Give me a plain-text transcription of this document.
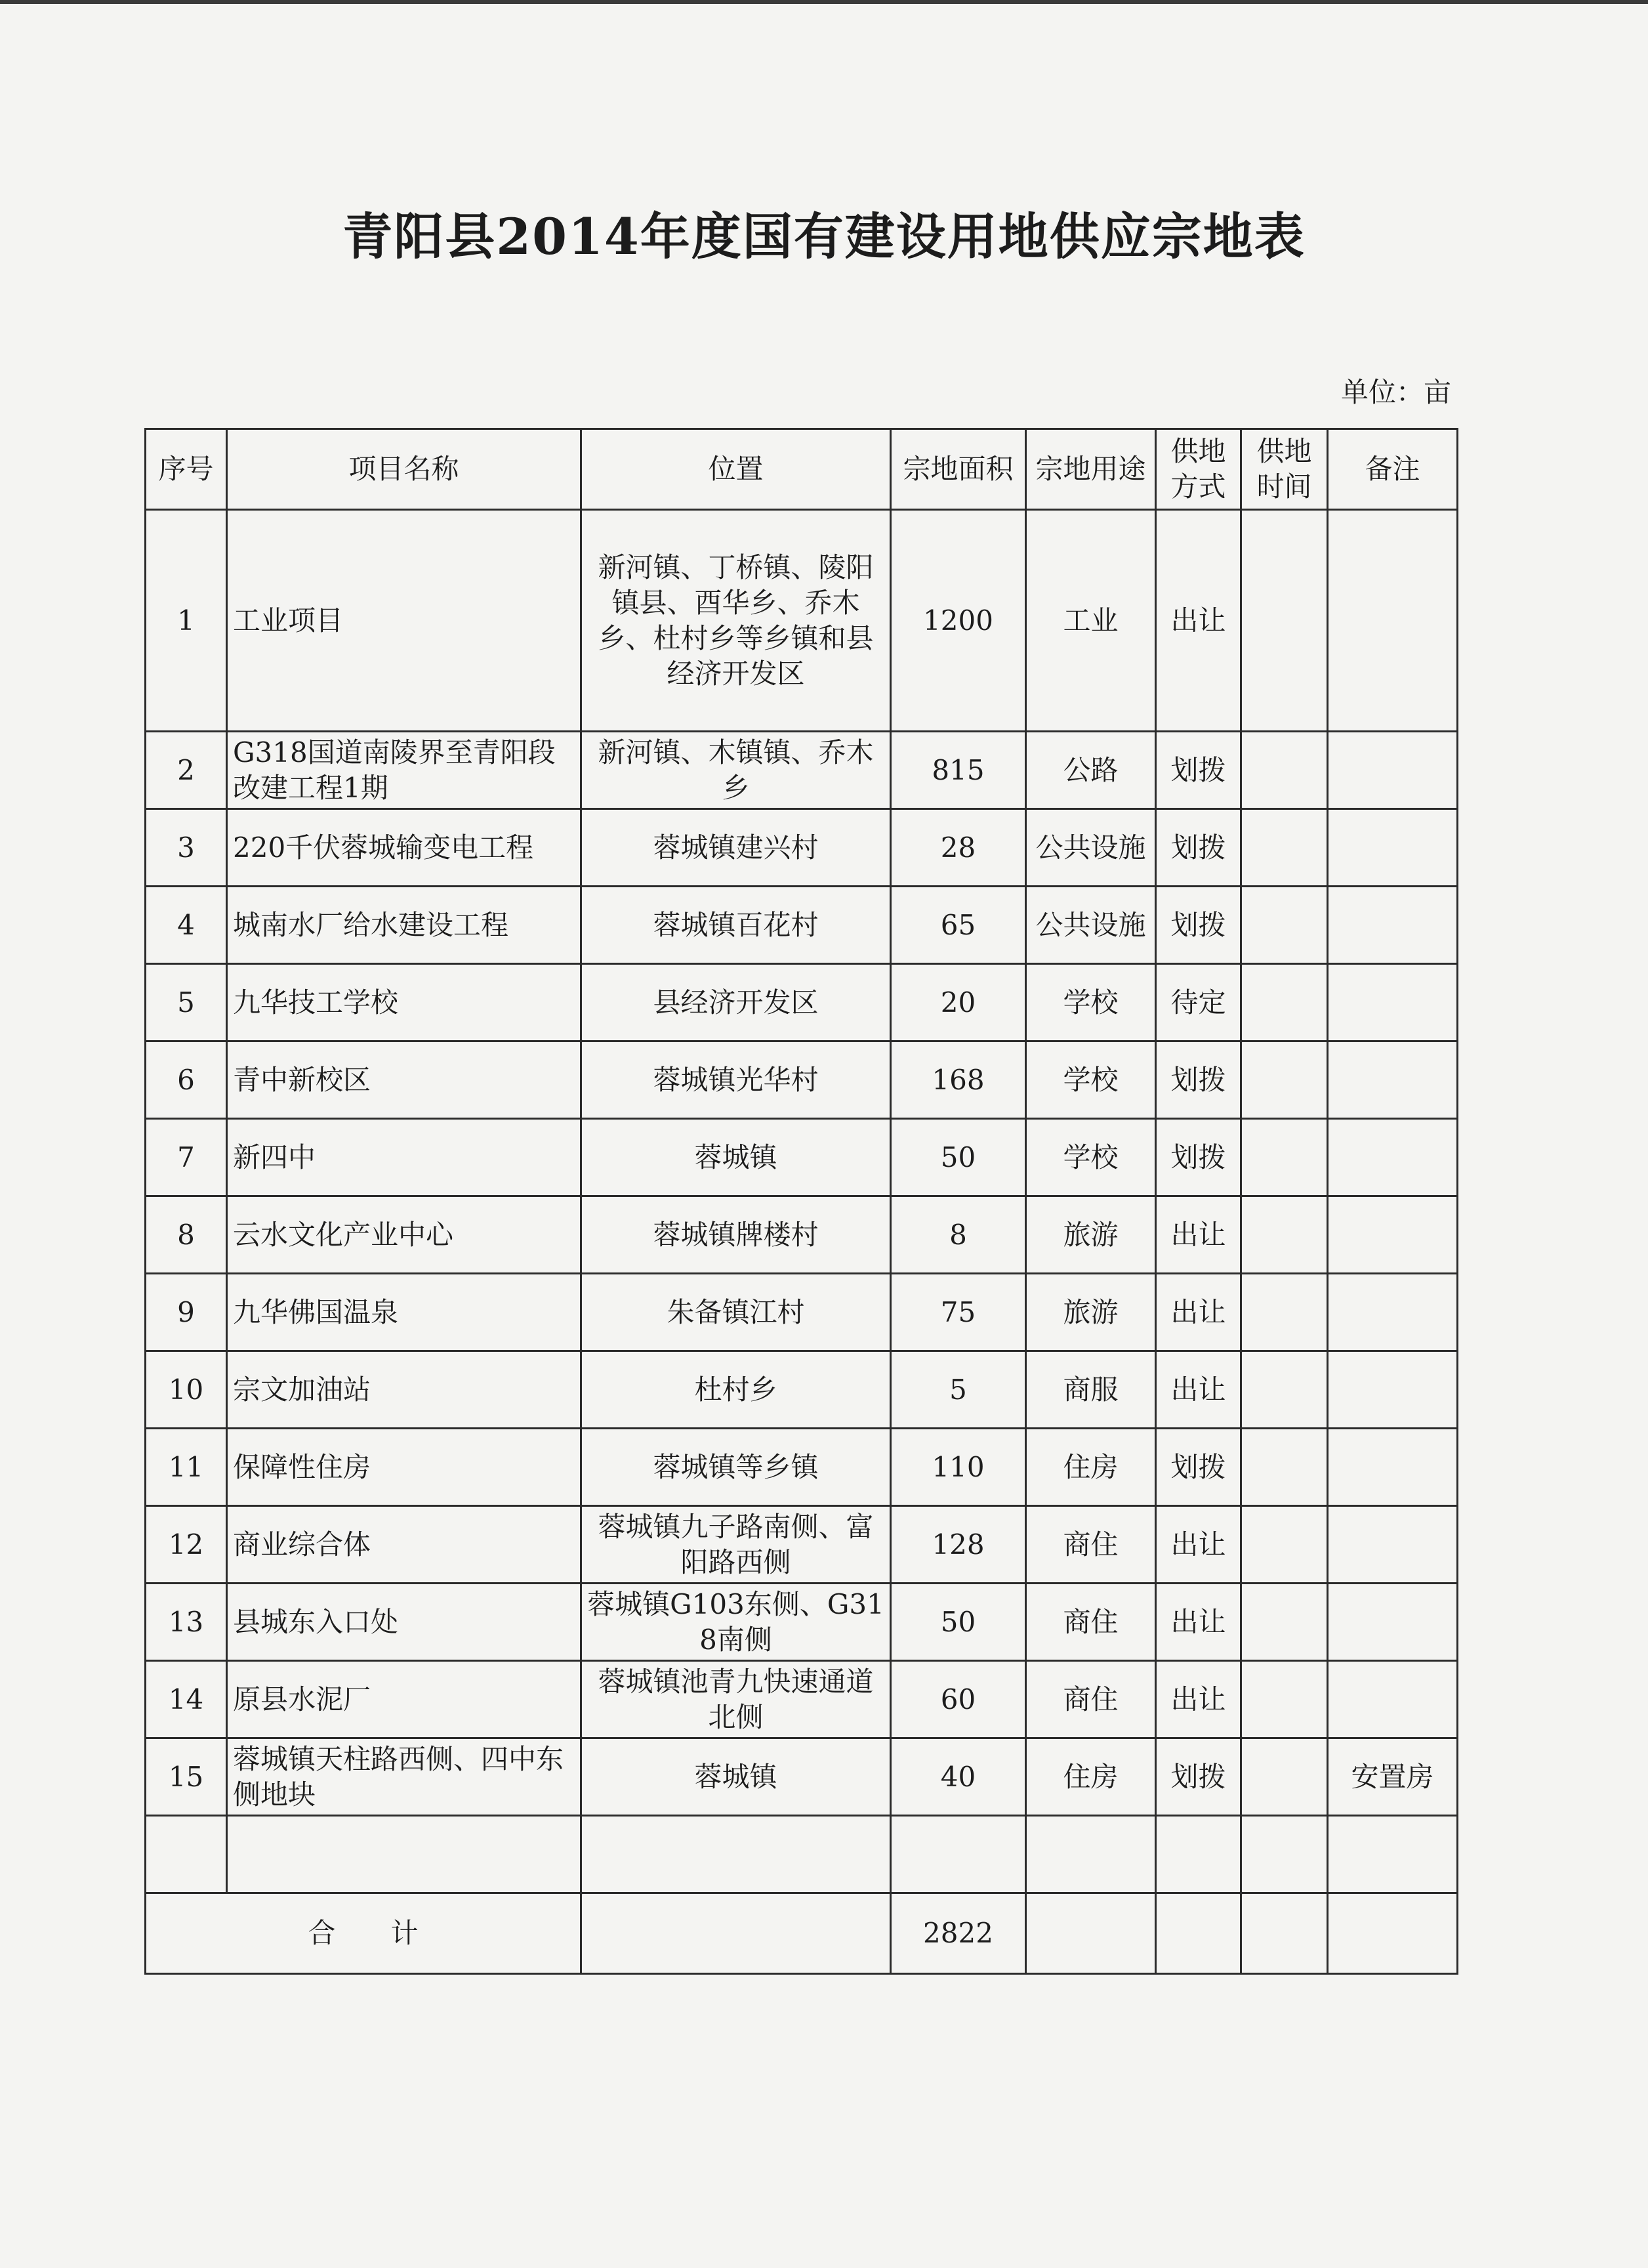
青阳县2014年度国有建设用地供应宗地表
单位：亩
序号	项目名称	位置	宗地面积	宗地用途	供地方式	供地时间	备注
1	工业项目	新河镇、丁桥镇、陵阳镇县、酉华乡、乔木乡、杜村乡等乡镇和县经济开发区	1200	工业	出让		
2	G318国道南陵界至青阳段改建工程1期	新河镇、木镇镇、乔木乡	815	公路	划拨		
3	220千伏蓉城输变电工程	蓉城镇建兴村	28	公共设施	划拨		
4	城南水厂给水建设工程	蓉城镇百花村	65	公共设施	划拨		
5	九华技工学校	县经济开发区	20	学校	待定		
6	青中新校区	蓉城镇光华村	168	学校	划拨		
7	新四中	蓉城镇	50	学校	划拨		
8	云水文化产业中心	蓉城镇牌楼村	8	旅游	出让		
9	九华佛国温泉	朱备镇江村	75	旅游	出让		
10	宗文加油站	杜村乡	5	商服	出让		
11	保障性住房	蓉城镇等乡镇	110	住房	划拨		
12	商业综合体	蓉城镇九子路南侧、富阳路西侧	128	商住	出让		
13	县城东入口处	蓉城镇G103东侧、G318南侧	50	商住	出让		
14	原县水泥厂	蓉城镇池青九快速通道北侧	60	商住	出让		
15	蓉城镇天柱路西侧、四中东侧地块	蓉城镇	40	住房	划拨		安置房

合　　计			2822				
